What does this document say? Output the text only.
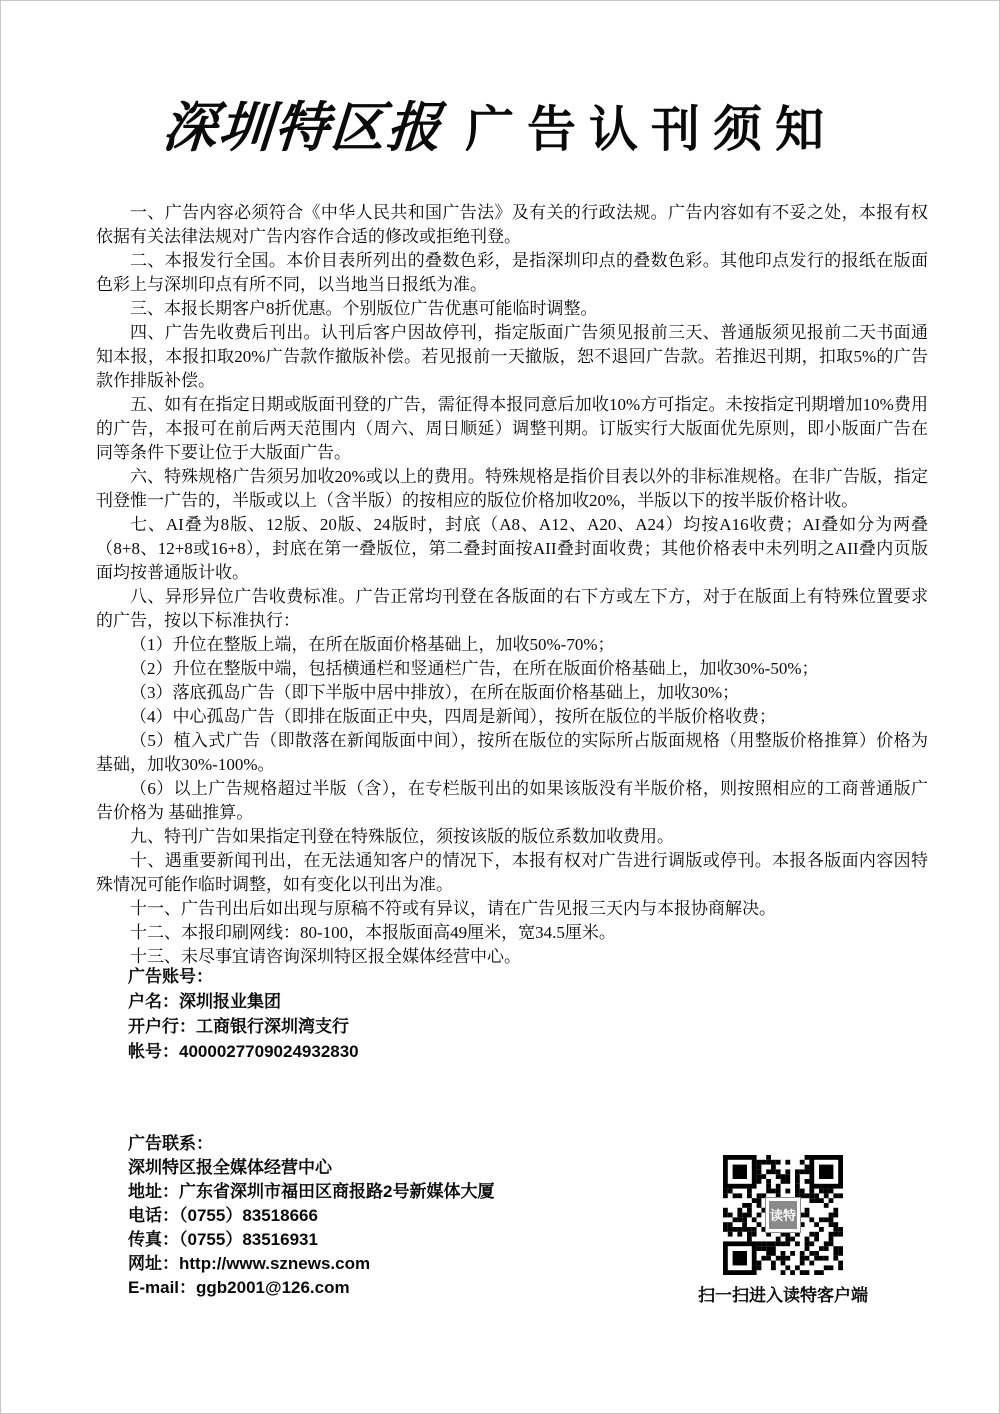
深圳特区报 广告认刊须知

一、广告内容必须符合《中华人民共和国广告法》及有关的行政法规。广告内容如有不妥之处，本报有权依据有关法律法规对广告内容作合适的修改或拒绝刊登。

二、本报发行全国。本价目表所列出的叠数色彩，是指深圳印点的叠数色彩。其他印点发行的报纸在版面色彩上与深圳印点有所不同，以当地当日报纸为准。

三、本报长期客户8折优惠。个别版位广告优惠可能临时调整。

四、广告先收费后刊出。认刊后客户因故停刊，指定版面广告须见报前三天、普通版须见报前二天书面通知本报，本报扣取20%广告款作撤版补偿。若见报前一天撤版，恕不退回广告款。若推迟刊期，扣取5%的广告款作排版补偿。

五、如有在指定日期或版面刊登的广告，需征得本报同意后加收10%方可指定。未按指定刊期增加10%费用的广告，本报可在前后两天范围内（周六、周日顺延）调整刊期。订版实行大版面优先原则，即小版面广告在同等条件下要让位于大版面广告。

六、特殊规格广告须另加收20%或以上的费用。特殊规格是指价目表以外的非标准规格。在非广告版，指定刊登惟一广告的，半版或以上（含半版）的按相应的版位价格加收20%，半版以下的按半版价格计收。

七、AI叠为8版、12版、20版、24版时，封底（A8、A12、A20、A24）均按A16收费；AI叠如分为两叠（8+8、12+8或16+8），封底在第一叠版位，第二叠封面按AII叠封面收费；其他价格表中未列明之AII叠内页版面均按普通版计收。

八、异形异位广告收费标准。广告正常均刊登在各版面的右下方或左下方，对于在版面上有特殊位置要求的广告，按以下标准执行：

（1）升位在整版上端，在所在版面价格基础上，加收50%-70%；

（2）升位在整版中端，包括横通栏和竖通栏广告，在所在版面价格基础上，加收30%-50%；

（3）落底孤岛广告（即下半版中居中排放），在所在版面价格基础上，加收30%；

（4）中心孤岛广告（即排在版面正中央，四周是新闻），按所在版位的半版价格收费；

（5）植入式广告（即散落在新闻版面中间），按所在版位的实际所占版面规格（用整版价格推算）价格为基础，加收30%-100%。

（6）以上广告规格超过半版（含），在专栏版刊出的如果该版没有半版价格，则按照相应的工商普通版广告价格为 基础推算。

九、特刊广告如果指定刊登在特殊版位，须按该版的版位系数加收费用。

十、遇重要新闻刊出，在无法通知客户的情况下，本报有权对广告进行调版或停刊。本报各版面内容因特殊情况可能作临时调整，如有变化以刊出为准。

十一、广告刊出后如出现与原稿不符或有异议，请在广告见报三天内与本报协商解决。

十二、本报印刷网线：80-100，本报版面高49厘米，宽34.5厘米。

十三、未尽事宜请咨询深圳特区报全媒体经营中心。

广告账号：
户名：深圳报业集团
开户行：工商银行深圳湾支行
帐号：4000027709024932830
广告联系：
深圳特区报全媒体经营中心
地址：广东省深圳市福田区商报路2号新媒体大厦
电话：（0755）83518666
传真：（0755）83516931
网址：http://www.sznews.com
E-mail：ggb2001@126.com
读特
扫一扫进入读特客户端
